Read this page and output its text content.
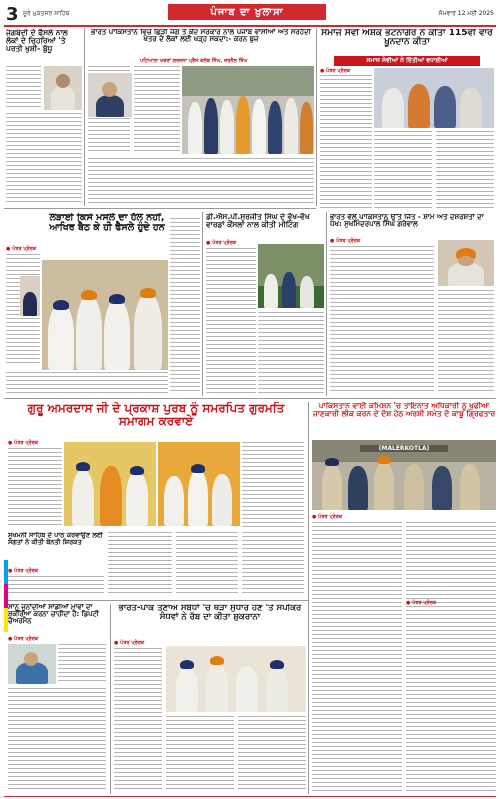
3 ਸੂਰੇ ਮੁਕਤਸਰ ਸਾਹਿਬ	ਸੋਮਵਾਰ 12 ਮਈ 2025
ਪੰਜਾਬ ਦਾ ਖੁਲਾਸਾ
ਜੰਗਬੰਦੀ ਦੇ ਫੈਸਲੇ ਨਾਲ ਲੋਕਾਂ ਦੇ ਚਿਹਰਿਆਂ 'ਤੇ ਪਰਤੀ ਖੁਸ਼ੀ- ਬੁੱਧੂ
ਭਾਰਤ ਪਾਕਿਸਤਾਨ ਵਿਚ ਛਿੜੀ ਜੰਗ ਤੇ ਕੇਂਦ ਸਰਕਾਰ ਨਾਲ ਪੰਜਾਬ ਵਾਸੀਆਂ ਅਤੇ ਸਰਹੱਦੀ ਖੇਤਰ ਦੇ ਲੋਕਾਂ ਲਈ ਖੜ੍ਹ ਸਕਦਾ:- ਕਰਨ ਬੁਜ਼
ਪਟਿਆਲਾ ਖਬਰਾਂ ਗਰਜਨਾ ਪ੍ਰੈਸ ਕਲੱਬ ਸਿੰਘ, ਜਰਨੈਲ ਸਿੰਘ
ਸਮਾਜ ਸੇਵੀ ਅਸ਼ੋਕ ਭਟਨਾਗਰ ਨੇ ਕੀਤਾ 115ਵੀਂ ਵਾਰ ਖੂਨਦਾਨ ਕੀਤਾ
ਸਮਾਜ ਸੇਵੀਆਂ ਨੇ ਦਿੱਤੀਆਂ ਵਧਾਈਆਂ
● ਪੱਤਰ ਪ੍ਰੇਰਕ
ਲੜਾਈ ਕਿਸੇ ਮਸਲੇ ਦਾ ਹੱਲ ਨਹੀਂ, ਆਖਿਰ ਬੈਠ ਕੇ ਹੀ ਫੈਸਲੇ ਹੁੰਦੇ ਹਨ
● ਪੱਤਰ ਪ੍ਰੇਰਕ
ਡੀ.ਐਸ.ਪੀ.ਸੁਰਜੀਤ ਸਿੰਘ ਦੇ ਵੱਖ-ਵੱਖ ਵਾਰਡਾਂ ਕੌਂਸਲਾਂ ਨਾਲ ਕੀਤੀ ਮੀਟਿੰਗ
● ਪੱਤਰ ਪ੍ਰੇਰਕ
ਭਾਰਤ ਵੱਲੋਂ ਪਾਕਿਸਤਾਨ ਉੱਤੇ ਜਿੱਤ - ਸ਼ਾਮ ਅਤੇ ਦਸ਼ਰਸ਼ਤਾਂ ਦਾ ਪੱਖ: ਸੁਖਮਿੰਦਰਪਾਲ ਸਿੰਘ ਗਰੇਵਾਲ
● ਪੱਤਰ ਪ੍ਰੇਰਕ
ਗੁਰੂ ਅਮਰਦਾਸ ਜੀ ਦੇ ਪ੍ਰਕਾਸ਼ ਪੁਰਬ ਨੂੰ ਸਮਰਪਿਤ ਗੁਰਮਤਿ ਸਮਾਗਮ ਕਰਵਾਏ
● ਪੱਤਰ ਪ੍ਰੇਰਕ
ਸੁਖਮਨੀ ਸਾਹਿਬ ਦੇ ਪਾਠ ਕਰਵਾਉਣ ਲਈ ਸੰਗਤਾਂ ਨੇ ਕੀਤੀ ਬੇਨਤੀ ਸ਼ਿਰਕਤ
● ਪੱਤਰ ਪ੍ਰੇਰਕ
ਸਾਨੂੰ ਜੂਨਾਂਦੀਆਂ ਸਾਡੀਆਂ ਮਾਵਾਂ ਦਾ ਸ਼ੁਕਰਿਆ ਕਰਨਾ ਚਾਹੀਦਾ ਹੈ: ਡਿਪਟੀ ਚੇਅਰਮੈਨ
● ਪੱਤਰ ਪ੍ਰੇਰਕ
ਭਾਰਤ-ਪਾਕ ਤਣਾਅ ਸਬੰਧਾਂ 'ਚ ਥੋੜਾ ਸੁਧਾਰ ਹੋਣ 'ਤੇ ਸਪੀਕਰ ਸੰਧਵਾਂ ਨੇ ਰੱਬ ਦਾ ਕੀਤਾ ਸ਼ੁਕਰਾਨਾ
● ਪੱਤਰ ਪ੍ਰੇਰਕ
ਪਾਕਿਸਤਾਨ ਵਾਈ ਕਮਿਸ਼ਨ 'ਚ ਤਾਇਨਾਤ ਅਧਿਕਾਰੀ ਨੂੰ ਖੁਫੀਆ ਜਾਣਕਾਰੀ ਲੀਕ ਕਰਨ ਦੇ ਦੋਸ਼ ਹੇਠ ਅਰਸ਼ੀ ਸਮੇਤ ਦੋ ਕਾਬੂ ਗ੍ਰਿਫਤਾਰ
(MALERKOTLA)
● ਪੱਤਰ ਪ੍ਰੇਰਕ
● ਪੱਤਰ ਪ੍ਰੇਰਕ
